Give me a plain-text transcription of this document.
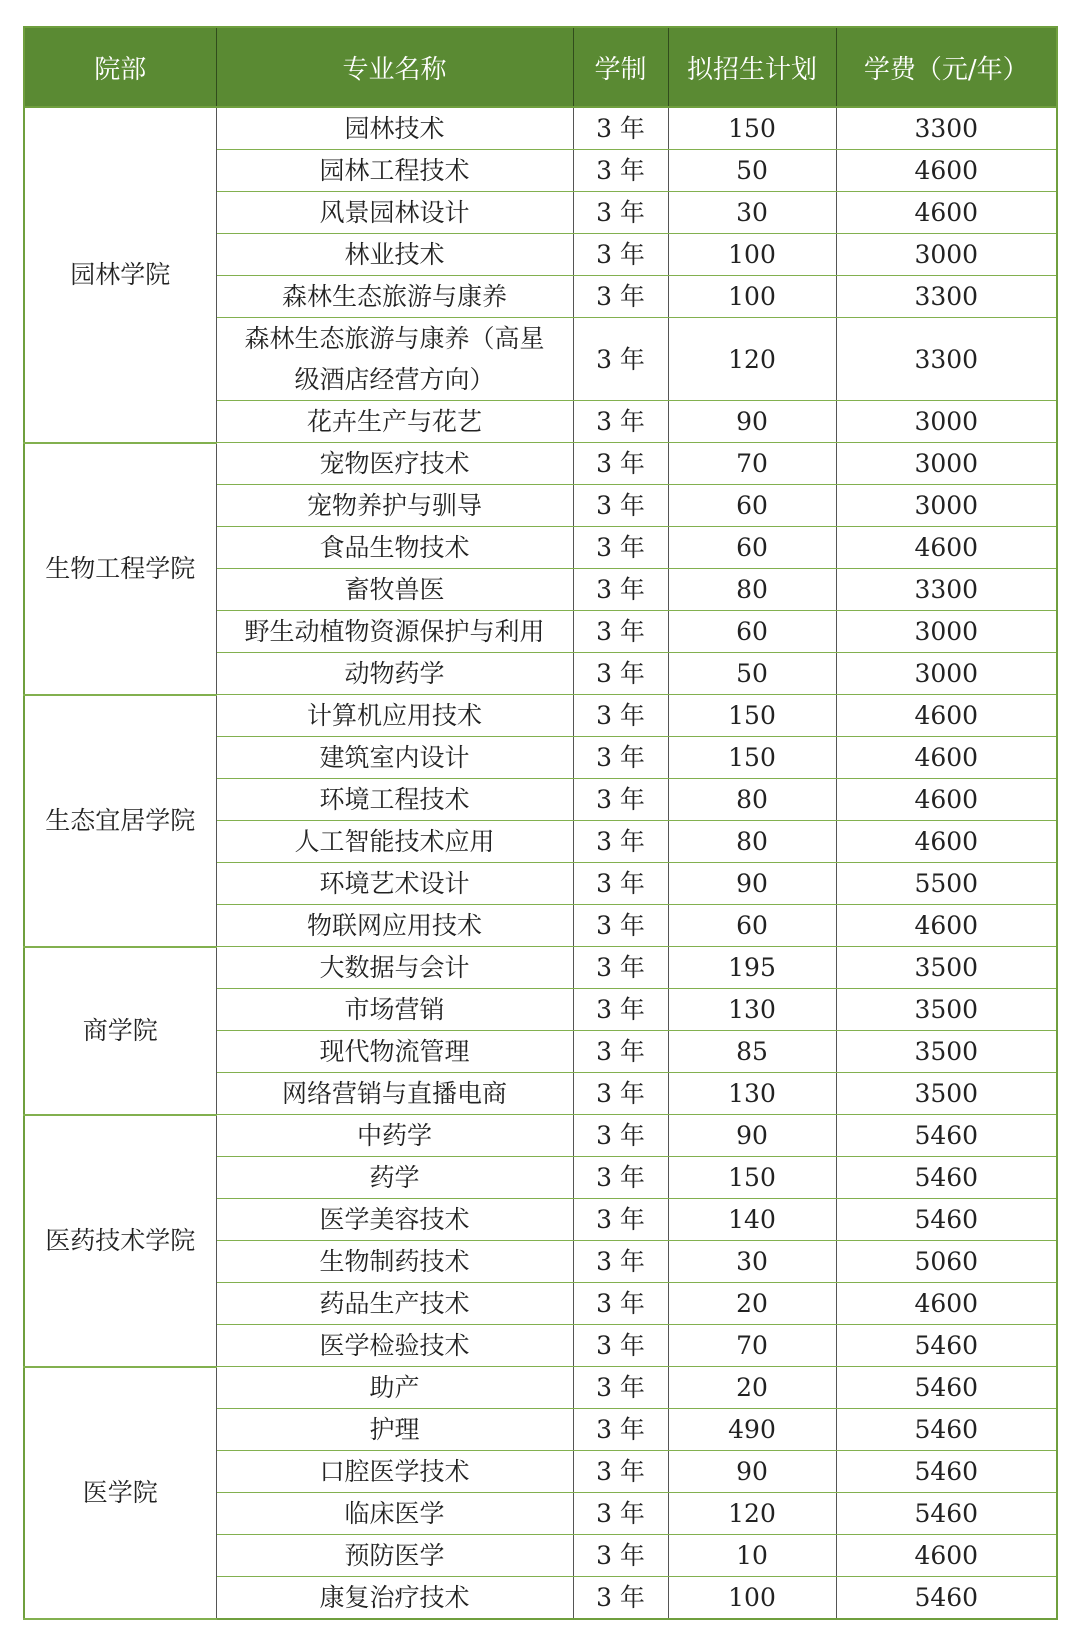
院部	专业名称	学制	拟招生计划	学费（元/年）
园林学院	园林技术	3 年	150	3300
	园林工程技术	3 年	50	4600
	风景园林设计	3 年	30	4600
	林业技术	3 年	100	3000
	森林生态旅游与康养	3 年	100	3300
	森林生态旅游与康养（高星级酒店经营方向）	3 年	120	3300
	花卉生产与花艺	3 年	90	3000
生物工程学院	宠物医疗技术	3 年	70	3000
	宠物养护与驯导	3 年	60	3000
	食品生物技术	3 年	60	4600
	畜牧兽医	3 年	80	3300
	野生动植物资源保护与利用	3 年	60	3000
	动物药学	3 年	50	3000
生态宜居学院	计算机应用技术	3 年	150	4600
	建筑室内设计	3 年	150	4600
	环境工程技术	3 年	80	4600
	人工智能技术应用	3 年	80	4600
	环境艺术设计	3 年	90	5500
	物联网应用技术	3 年	60	4600
商学院	大数据与会计	3 年	195	3500
	市场营销	3 年	130	3500
	现代物流管理	3 年	85	3500
	网络营销与直播电商	3 年	130	3500
医药技术学院	中药学	3 年	90	5460
	药学	3 年	150	5460
	医学美容技术	3 年	140	5460
	生物制药技术	3 年	30	5060
	药品生产技术	3 年	20	4600
	医学检验技术	3 年	70	5460
医学院	助产	3 年	20	5460
	护理	3 年	490	5460
	口腔医学技术	3 年	90	5460
	临床医学	3 年	120	5460
	预防医学	3 年	10	4600
	康复治疗技术	3 年	100	5460
